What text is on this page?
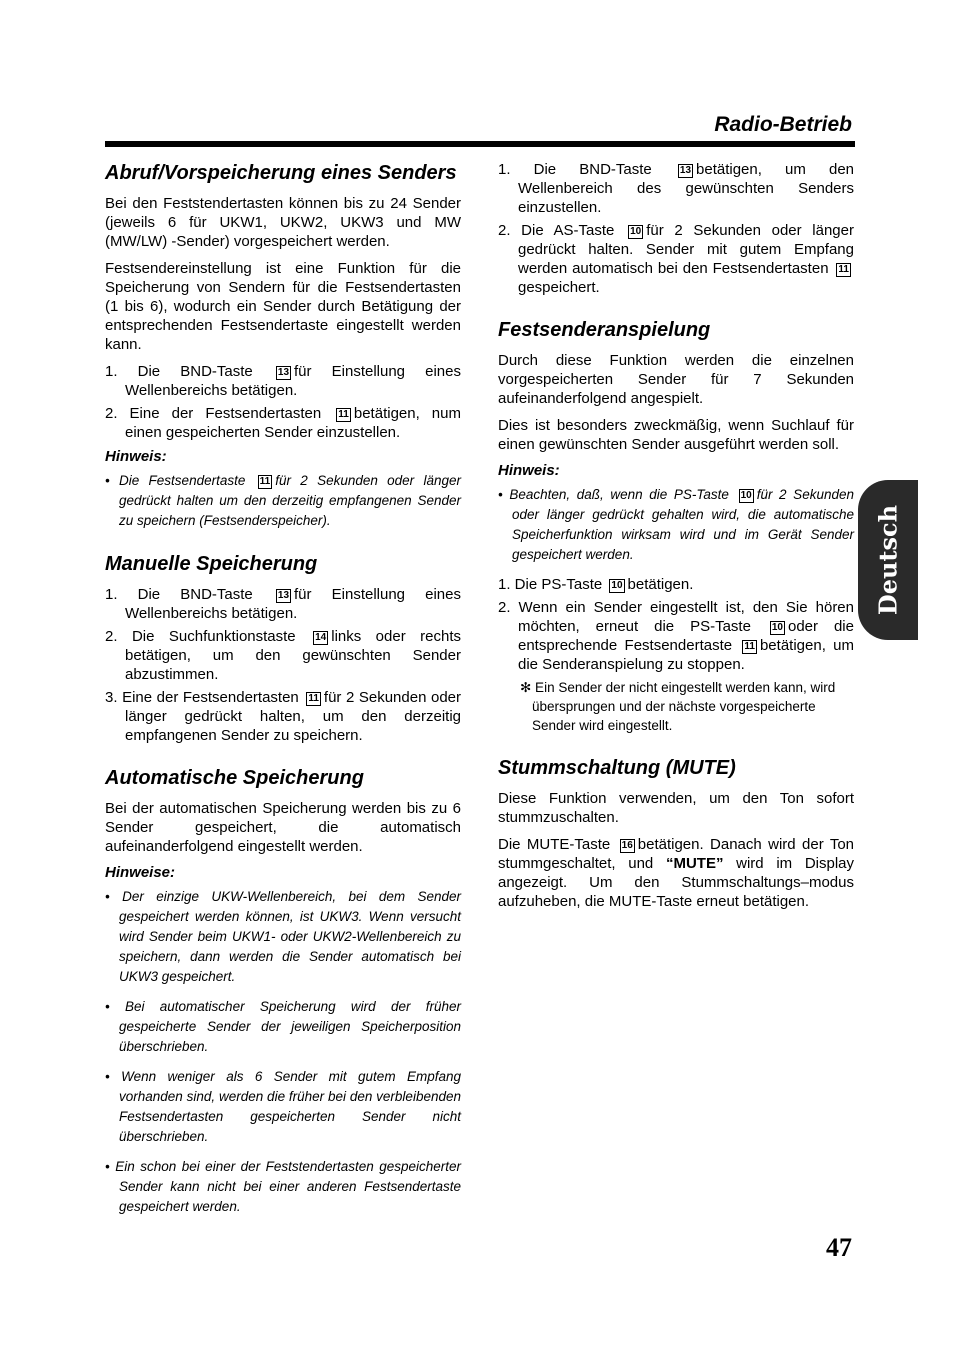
Radio-Betrieb
Abruf/Vorspeicherung eines Senders

Bei den Feststendertasten können bis zu 24 Sender (jeweils 6 für UKW1, UKW2, UKW3 und MW (MW/LW) -Sender) vorgespeichert werden.

Festsendereinstellung ist eine Funktion für die Speicherung von Sendern für die Festsendertasten (1 bis 6), wodurch ein Sender durch Betätigung der entsprechenden Festsendertaste eingestellt werden kann.

1. Die BND-Taste 13 für Einstellung eines Wellenbereichs betätigen.
2. Eine der Festsendertasten 11 betätigen, num einen gespeicherten Sender einzustellen.
Hinweis:
• Die Festsendertaste 11 für 2 Sekunden oder länger gedrückt halten um den derzeitig empfangenen Sender zu speichern (Festsenderspeicher).
Manuelle Speicherung
1. Die BND-Taste 13 für Einstellung eines Wellenbereichs betätigen.
2. Die Suchfunktionstaste 14 links oder rechts betätigen, um den gewünschten Sender abzustimmen.
3. Eine der Festsendertasten 11 für 2 Sekunden oder länger gedrückt halten, um den derzeitig empfangenen Sender zu speichern.
Automatische Speicherung

Bei der automatischen Speicherung werden bis zu 6 Sender gespeichert, die automatisch aufeinanderfolgend eingestellt werden.

Hinweise:
• Der einzige UKW-Wellenbereich, bei dem Sender gespeichert werden können, ist UKW3. Wenn versucht wird Sender beim UKW1- oder UKW2-Wellenbereich zu speichern, dann werden die Sender automatisch bei UKW3 gespeichert.
• Bei automatischer Speicherung wird der früher gespeicherte Sender der jeweiligen Speicherposition überschrieben.
• Wenn weniger als 6 Sender mit gutem Empfang vorhanden sind, werden die früher bei den verbleibenden Festsendertasten gespeicherten Sender nicht überschrieben.
• Ein schon bei einer der Feststendertasten gespeicherter Sender kann nicht bei einer anderen Festsendertaste gespeichert werden.
1. Die BND-Taste 13 betätigen, um den Wellenbereich des gewünschten Senders einzustellen.
2. Die AS-Taste 10 für 2 Sekunden oder länger gedrückt halten. Sender mit gutem Empfang werden automatisch bei den Festsendertasten 11gespeichert.
Festsenderanspielung

Durch diese Funktion werden die einzelnen vorgespeicherten Sender für 7 Sekunden aufeinanderfolgend angespielt.

Dies ist besonders zweckmäßig, wenn Suchlauf für einen gewünschten Sender ausgeführt werden soll.

Hinweis:
• Beachten, daß, wenn die PS-Taste 10 für 2 Sekunden oder länger gedrückt gehalten wird, die automatische Speicherfunktion wirksam wird und im Gerät Sender gespeichert werden.
1. Die PS-Taste 10 betätigen.
2. Wenn ein Sender eingestellt ist, den Sie hören möchten, erneut die PS-Taste 10 oder die entsprechende Festsendertaste 11 betätigen, um die Senderanspielung zu stoppen.
✻ Ein Sender der nicht eingestellt werden kann, wird übersprungen und der nächste vorgespeicherte Sender wird eingestellt.
Stummschaltung (MUTE)

Diese Funktion verwenden, um den Ton sofort stummzuschalten.

Die MUTE-Taste 16 betätigen. Danach wird der Ton stummgeschaltet, und “MUTE” wird im Display angezeigt. Um den Stummschaltungs–modus aufzuheben, die MUTE-Taste erneut betätigen.

Deutsch
47
